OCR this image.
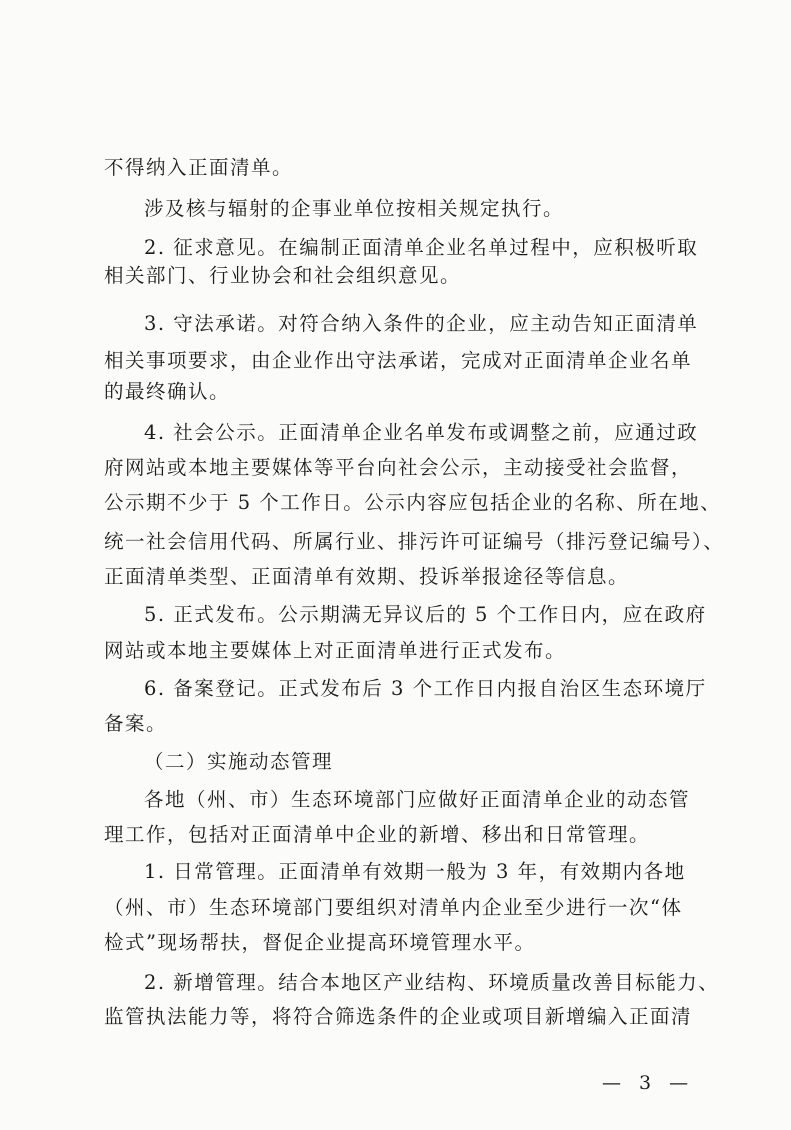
不得纳入正面清单。
涉及核与辐射的企事业单位按相关规定执行。
2. 征求意见。在编制正面清单企业名单过程中，应积极听取
相关部门、行业协会和社会组织意见。
3. 守法承诺。对符合纳入条件的企业，应主动告知正面清单
相关事项要求，由企业作出守法承诺，完成对正面清单企业名单
的最终确认。
4. 社会公示。正面清单企业名单发布或调整之前，应通过政
府网站或本地主要媒体等平台向社会公示，主动接受社会监督，
公示期不少于 5 个工作日。公示内容应包括企业的名称、所在地、
统一社会信用代码、所属行业、排污许可证编号（排污登记编号）、
正面清单类型、正面清单有效期、投诉举报途径等信息。
5. 正式发布。公示期满无异议后的 5 个工作日内，应在政府
网站或本地主要媒体上对正面清单进行正式发布。
6. 备案登记。正式发布后 3 个工作日内报自治区生态环境厅
备案。
（二）实施动态管理
各地（州、市）生态环境部门应做好正面清单企业的动态管
理工作，包括对正面清单中企业的新增、移出和日常管理。
1. 日常管理。正面清单有效期一般为 3 年，有效期内各地
（州、市）生态环境部门要组织对清单内企业至少进行一次“体
检式”现场帮扶，督促企业提高环境管理水平。
2. 新增管理。结合本地区产业结构、环境质量改善目标能力、
监管执法能力等，将符合筛选条件的企业或项目新增编入正面清
— 3 —
